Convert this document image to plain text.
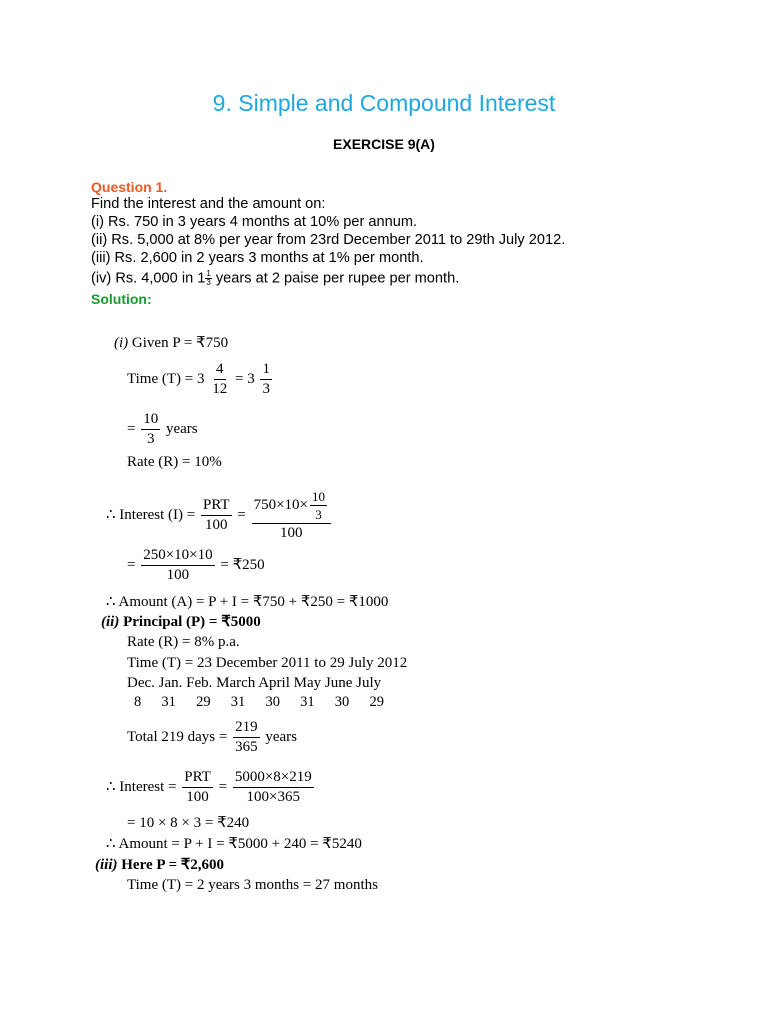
9. Simple and Compound Interest
EXERCISE 9(A)
Question 1.
Find the interest and the amount on:
(i) Rs. 750 in 3 years 4 months at 10% per annum.
(ii) Rs. 5,000 at 8% per year from 23rd December 2011 to 29th July 2012.
(iii) Rs. 2,600 in 2 years 3 months at 1% per month.
(iv) Rs. 4,000 in $1 \frac{1}{3}$ years at 2 paise per rupee per month.
Solution:
(i) Given P = ₹750
Time $(T) = 3 \frac{4}{12} = 3 \frac{1}{3}$
= $\frac{10}{3}$ years
Rate (R) = 10%
∴ Interest $(I) = \frac{\text{PRT}}{100} = \frac{750\times 10\times \frac{10}{3}}{100}$
= $\frac{250\times 10\times 10}{100}$ = ₹250
∴ Amount (A) = P + I = ₹750 + ₹250 = ₹1000
(ii) Principal (P) = ₹5000
Rate (R) = 8% p.a.
Time (T) = 23 December 2011 to 29 July 2012
Dec. Jan. Feb. March April May June July
8 31 29 31 30 31 30 29
Total 219 days = $\frac{219}{365}$ years
∴ Interest = $\frac{\text{PRT}}{100} = \frac{5000\times 8\times 219}{100\times 365}$
= 10 × 8 × 3 = ₹240
∴ Amount = P + I = ₹5000 + 240 = ₹5240
(iii) Here P = ₹2,600
Time (T) = 2 years 3 months = 27 months
